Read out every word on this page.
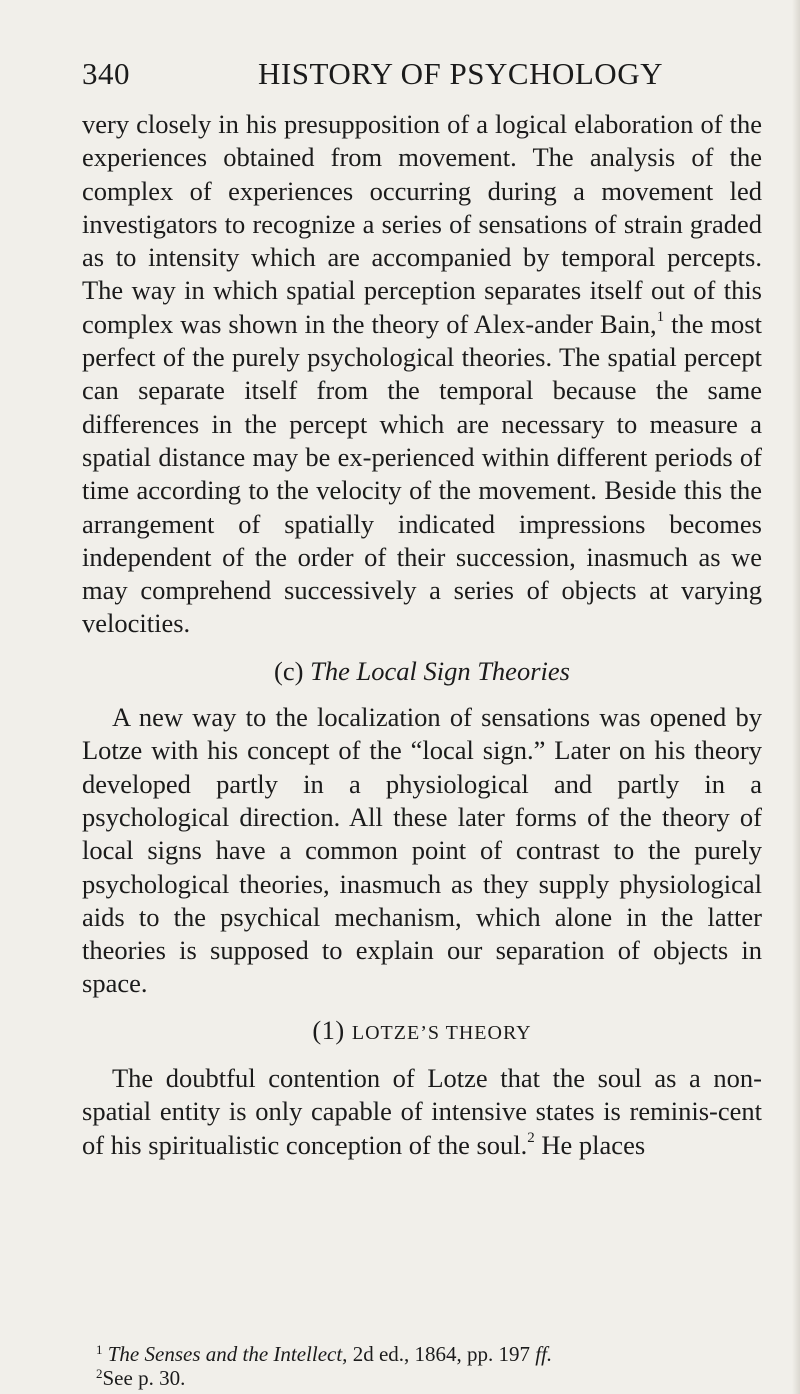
340	HISTORY OF PSYCHOLOGY

very closely in his presupposition of a logical elaboration of the experiences obtained from movement. The analysis of the complex of experiences occurring during a movement led investigators to recognize a series of sensations of strain graded as to intensity which are accompanied by temporal percepts. The way in which spatial perception separates itself out of this complex was shown in the theory of Alex-ander Bain,$^1$ the most perfect of the purely psychological theories. The spatial percept can separate itself from the temporal because the same differences in the percept which are necessary to measure a spatial distance may be ex-perienced within different periods of time according to the velocity of the movement. Beside this the arrangement of spatially indicated impressions becomes independent of the order of their succession, inasmuch as we may comprehend successively a series of objects at varying velocities.

(c) The Local Sign Theories

A new way to the localization of sensations was opened by Lotze with his concept of the “local sign.” Later on his theory developed partly in a physiological and partly in a psychological direction. All these later forms of the theory of local signs have a common point of contrast to the purely psychological theories, inasmuch as they supply physiological aids to the psychical mechanism, which alone in the latter theories is supposed to explain our separation of objects in space.

(1) LOTZE’S THEORY

The doubtful contention of Lotze that the soul as a non-spatial entity is only capable of intensive states is reminis-cent of his spiritualistic conception of the soul.$^2$ He places

$^1$ The Senses and the Intellect, 2d ed., 1864, pp. 197 ff.
$^2$See p. 30.
